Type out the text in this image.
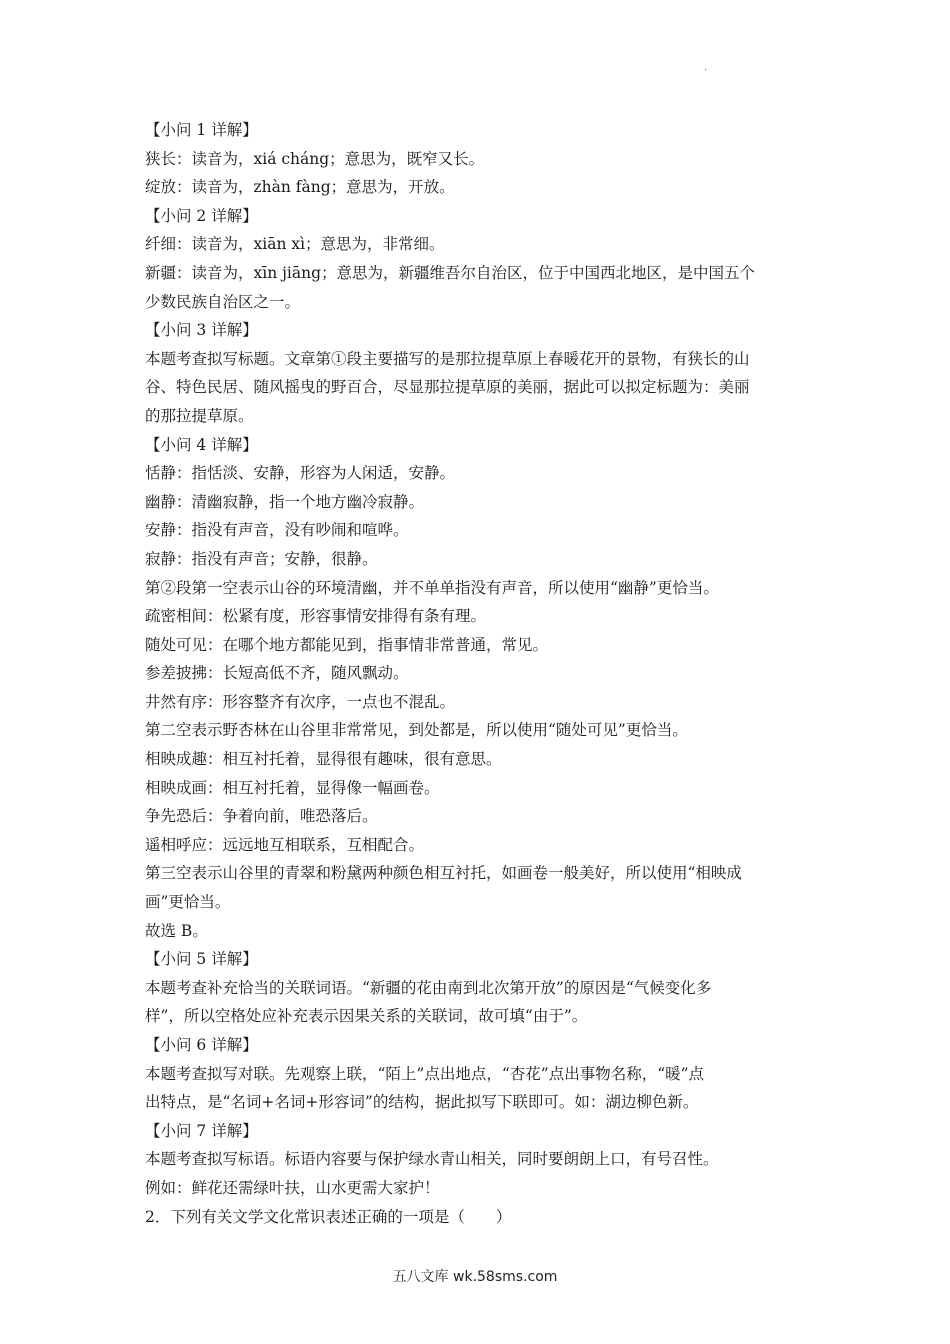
.

【小问 1 详解】

狭长：读音为，xiá cháng；意思为，既窄又长。

绽放：读音为，zhàn fàng；意思为，开放。

【小问 2 详解】

纤细：读音为，xiān xì；意思为，非常细。

新疆：读音为，xīn jiāng；意思为，新疆维吾尔自治区，位于中国西北地区，是中国五个

少数民族自治区之一。

【小问 3 详解】

本题考查拟写标题。文章第①段主要描写的是那拉提草原上春暖花开的景物，有狭长的山

谷、特色民居、随风摇曳的野百合，尽显那拉提草原的美丽，据此可以拟定标题为：美丽

的那拉提草原。

【小问 4 详解】

恬静：指恬淡、安静，形容为人闲适，安静。

幽静：清幽寂静，指一个地方幽冷寂静。

安静：指没有声音，没有吵闹和喧哗。

寂静：指没有声音；安静，很静。

第②段第一空表示山谷的环境清幽，并不单单指没有声音，所以使用“幽静”更恰当。

疏密相间：松紧有度，形容事情安排得有条有理。

随处可见：在哪个地方都能见到，指事情非常普通，常见。

参差披拂：长短高低不齐，随风飘动。

井然有序：形容整齐有次序，一点也不混乱。

第二空表示野杏林在山谷里非常常见，到处都是，所以使用“随处可见”更恰当。

相映成趣：相互衬托着，显得很有趣味，很有意思。

相映成画：相互衬托着，显得像一幅画卷。

争先恐后：争着向前，唯恐落后。

遥相呼应：远远地互相联系，互相配合。

第三空表示山谷里的青翠和粉黛两种颜色相互衬托，如画卷一般美好，所以使用“相映成

画”更恰当。

故选 B。

【小问 5 详解】

本题考查补充恰当的关联词语。“新疆的花由南到北次第开放”的原因是“气候变化多

样”，所以空格处应补充表示因果关系的关联词，故可填“由于”。

【小问 6 详解】

本题考查拟写对联。先观察上联，“陌上”点出地点，“杏花”点出事物名称，“暖”点

出特点，是“名词+名词+形容词”的结构，据此拟写下联即可。如：湖边柳色新。

【小问 7 详解】

本题考查拟写标语。标语内容要与保护绿水青山相关，同时要朗朗上口，有号召性。

例如：鲜花还需绿叶扶，山水更需大家护！

2．下列有关文学文化常识表述正确的一项是（　　）

五八文库 wk.58sms.com
